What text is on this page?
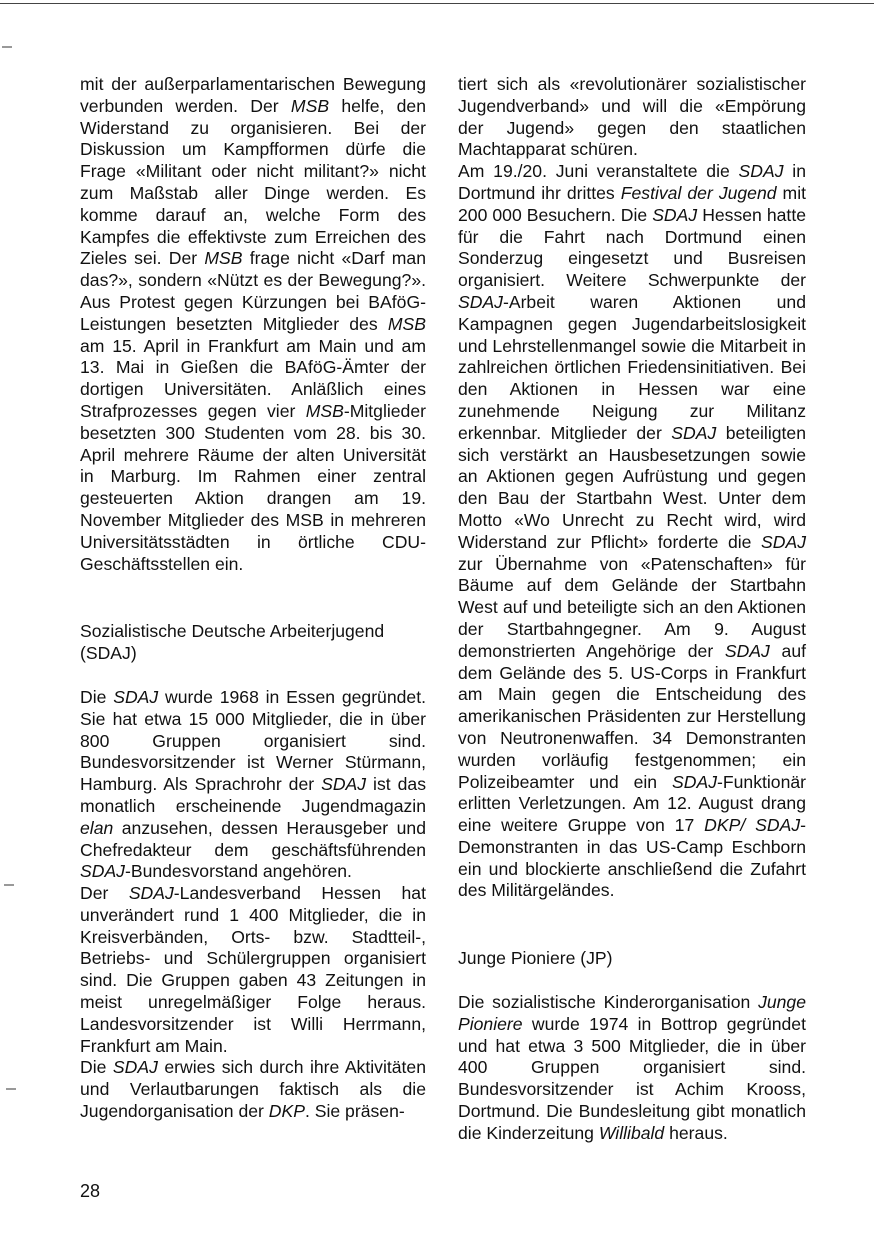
mit der außerparlamentarischen Bewegung verbunden werden. Der MSB helfe, den Widerstand zu organisieren. Bei der Diskussion um Kampfformen dürfe die Frage «Militant oder nicht militant?» nicht zum Maßstab aller Dinge werden. Es komme darauf an, welche Form des Kampfes die effektivste zum Erreichen des Zieles sei. Der MSB frage nicht «Darf man das?», sondern «Nützt es der Bewegung?». Aus Protest gegen Kürzungen bei BAföG-Leistungen besetzten Mitglieder des MSB am 15. April in Frankfurt am Main und am 13. Mai in Gießen die BAföG-Ämter der dortigen Universitäten. Anläßlich eines Strafprozesses gegen vier MSB-Mitglieder besetzten 300 Studenten vom 28. bis 30. April mehrere Räume der alten Universität in Marburg. Im Rahmen einer zentral gesteuerten Aktion drangen am 19. November Mitglieder des MSB in mehreren Universitätsstädten in örtliche CDU-Geschäftsstellen ein.

Sozialistische Deutsche Arbeiterjugend
(SDAJ)

Die SDAJ wurde 1968 in Essen gegründet. Sie hat etwa 15 000 Mitglieder, die in über 800 Gruppen organisiert sind. Bundesvorsitzender ist Werner Stürmann, Hamburg. Als Sprachrohr der SDAJ ist das monatlich erscheinende Jugendmagazin elan anzusehen, dessen Herausgeber und Chefredakteur dem geschäftsführenden SDAJ-Bundesvorstand angehören.

Der SDAJ-Landesverband Hessen hat unverändert rund 1 400 Mitglieder, die in Kreisverbänden, Orts- bzw. Stadtteil-, Betriebs- und Schülergruppen organisiert sind. Die Gruppen gaben 43 Zeitungen in meist unregelmäßiger Folge heraus. Landesvorsitzender ist Willi Herrmann, Frankfurt am Main.

Die SDAJ erwies sich durch ihre Aktivitäten und Verlautbarungen faktisch als die Jugendorganisation der DKP. Sie präsen-

tiert sich als «revolutionärer sozialistischer Jugendverband» und will die «Empörung der Jugend» gegen den staatlichen Machtapparat schüren.

Am 19./20. Juni veranstaltete die SDAJ in Dortmund ihr drittes Festival der Jugend mit 200 000 Besuchern. Die SDAJ Hessen hatte für die Fahrt nach Dortmund einen Sonderzug eingesetzt und Busreisen organisiert. Weitere Schwerpunkte der SDAJ-Arbeit waren Aktionen und Kampagnen gegen Jugendarbeitslosigkeit und Lehrstellenmangel sowie die Mitarbeit in zahlreichen örtlichen Friedensinitiativen. Bei den Aktionen in Hessen war eine zunehmende Neigung zur Militanz erkennbar. Mitglieder der SDAJ beteiligten sich verstärkt an Hausbesetzungen sowie an Aktionen gegen Aufrüstung und gegen den Bau der Startbahn West. Unter dem Motto «Wo Unrecht zu Recht wird, wird Widerstand zur Pflicht» forderte die SDAJ zur Übernahme von «Patenschaften» für Bäume auf dem Gelände der Startbahn West auf und beteiligte sich an den Aktionen der Startbahngegner. Am 9. August demonstrierten Angehörige der SDAJ auf dem Gelände des 5. US-Corps in Frankfurt am Main gegen die Entscheidung des amerikanischen Präsidenten zur Herstellung von Neutronenwaffen. 34 Demonstranten wurden vorläufig festgenommen; ein Polizeibeamter und ein SDAJ-Funktionär erlitten Verletzungen. Am 12. August drang eine weitere Gruppe von 17 DKP/ SDAJ-Demonstranten in das US-Camp Eschborn ein und blockierte anschließend die Zufahrt des Militärgeländes.

Junge Pioniere (JP)

Die sozialistische Kinderorganisation Junge Pioniere wurde 1974 in Bottrop gegründet und hat etwa 3 500 Mitglieder, die in über 400 Gruppen organisiert sind. Bundesvorsitzender ist Achim Krooss, Dortmund. Die Bundesleitung gibt monatlich die Kinderzeitung Willibald heraus.

28
